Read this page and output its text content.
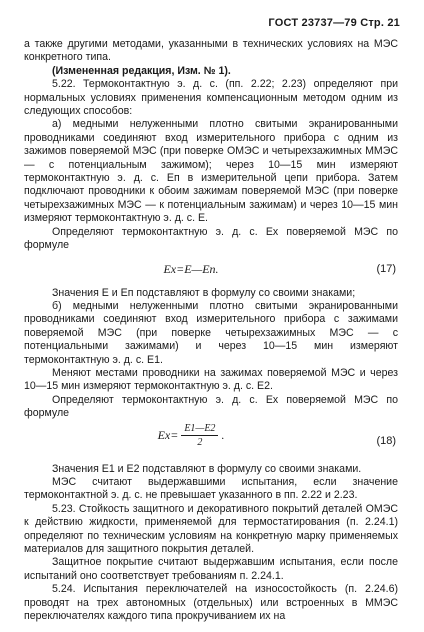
ГОСТ 23737—79 Стр. 21

а также другими методами, указанными в технических условиях на МЭС конкретного типа.

(Измененная редакция, Изм. № 1).

5.22. Термоконтактную э. д. с. (пп. 2.22; 2.23) определяют при нормальных условиях применения компенсационным методом одним из следующих способов:

а) медными нелуженными плотно свитыми экранированными проводниками соединяют вход измерительного прибора с одним из зажимов поверяемой МЭС (при поверке ОМЭС и четырехзажимных ММЭС — с потенциальным зажимом); через 10—15 мин измеряют термоконтактную э. д. с. Eп в измерительной цепи прибора. Затем подключают проводники к обоим зажимам поверяемой МЭС (при поверке четырехзажимных МЭС — к потенциальным зажимам) и через 10—15 мин измеряют термоконтактную э. д. с. E.

Определяют термоконтактную э. д. с. Ex поверяемой МЭС по формуле

Ex=E—Eп.	(17)

Значения E и Eп подставляют в формулу со своими знаками;

б) медными нелуженными плотно свитыми экранированными проводниками соединяют вход измерительного прибора с зажимами поверяемой МЭС (при поверке четырехзажимных МЭС — с потенциальными зажимами) и через 10—15 мин измеряют термоконтактную э. д. с. E1.

Меняют местами проводники на зажимах поверяемой МЭС и через 10—15 мин измеряют термоконтактную э. д. с. E2.

Определяют термоконтактную э. д. с. Ex поверяемой МЭС по формуле

$Ex= \frac{E1—E2}{2}$ .	(18)

Значения E1 и E2 подставляют в формулу со своими знаками.

МЭС считают выдержавшими испытания, если значение термоконтактной э. д. с. не превышает указанного в пп. 2.22 и 2.23.

5.23. Стойкость защитного и декоративного покрытий деталей ОМЭС к действию жидкости, применяемой для термостатирования (п. 2.24.1) определяют по техническим условиям на конкретную марку применяемых материалов для защитного покрытия деталей.

Защитное покрытие считают выдержавшим испытания, если после испытаний оно соответствует требованиям п. 2.24.1.

5.24. Испытания переключателей на износостойкость (п. 2.24.6) проводят на трех автономных (отдельных) или встроенных в ММЭС переключателях каждого типа прокручиванием их на
